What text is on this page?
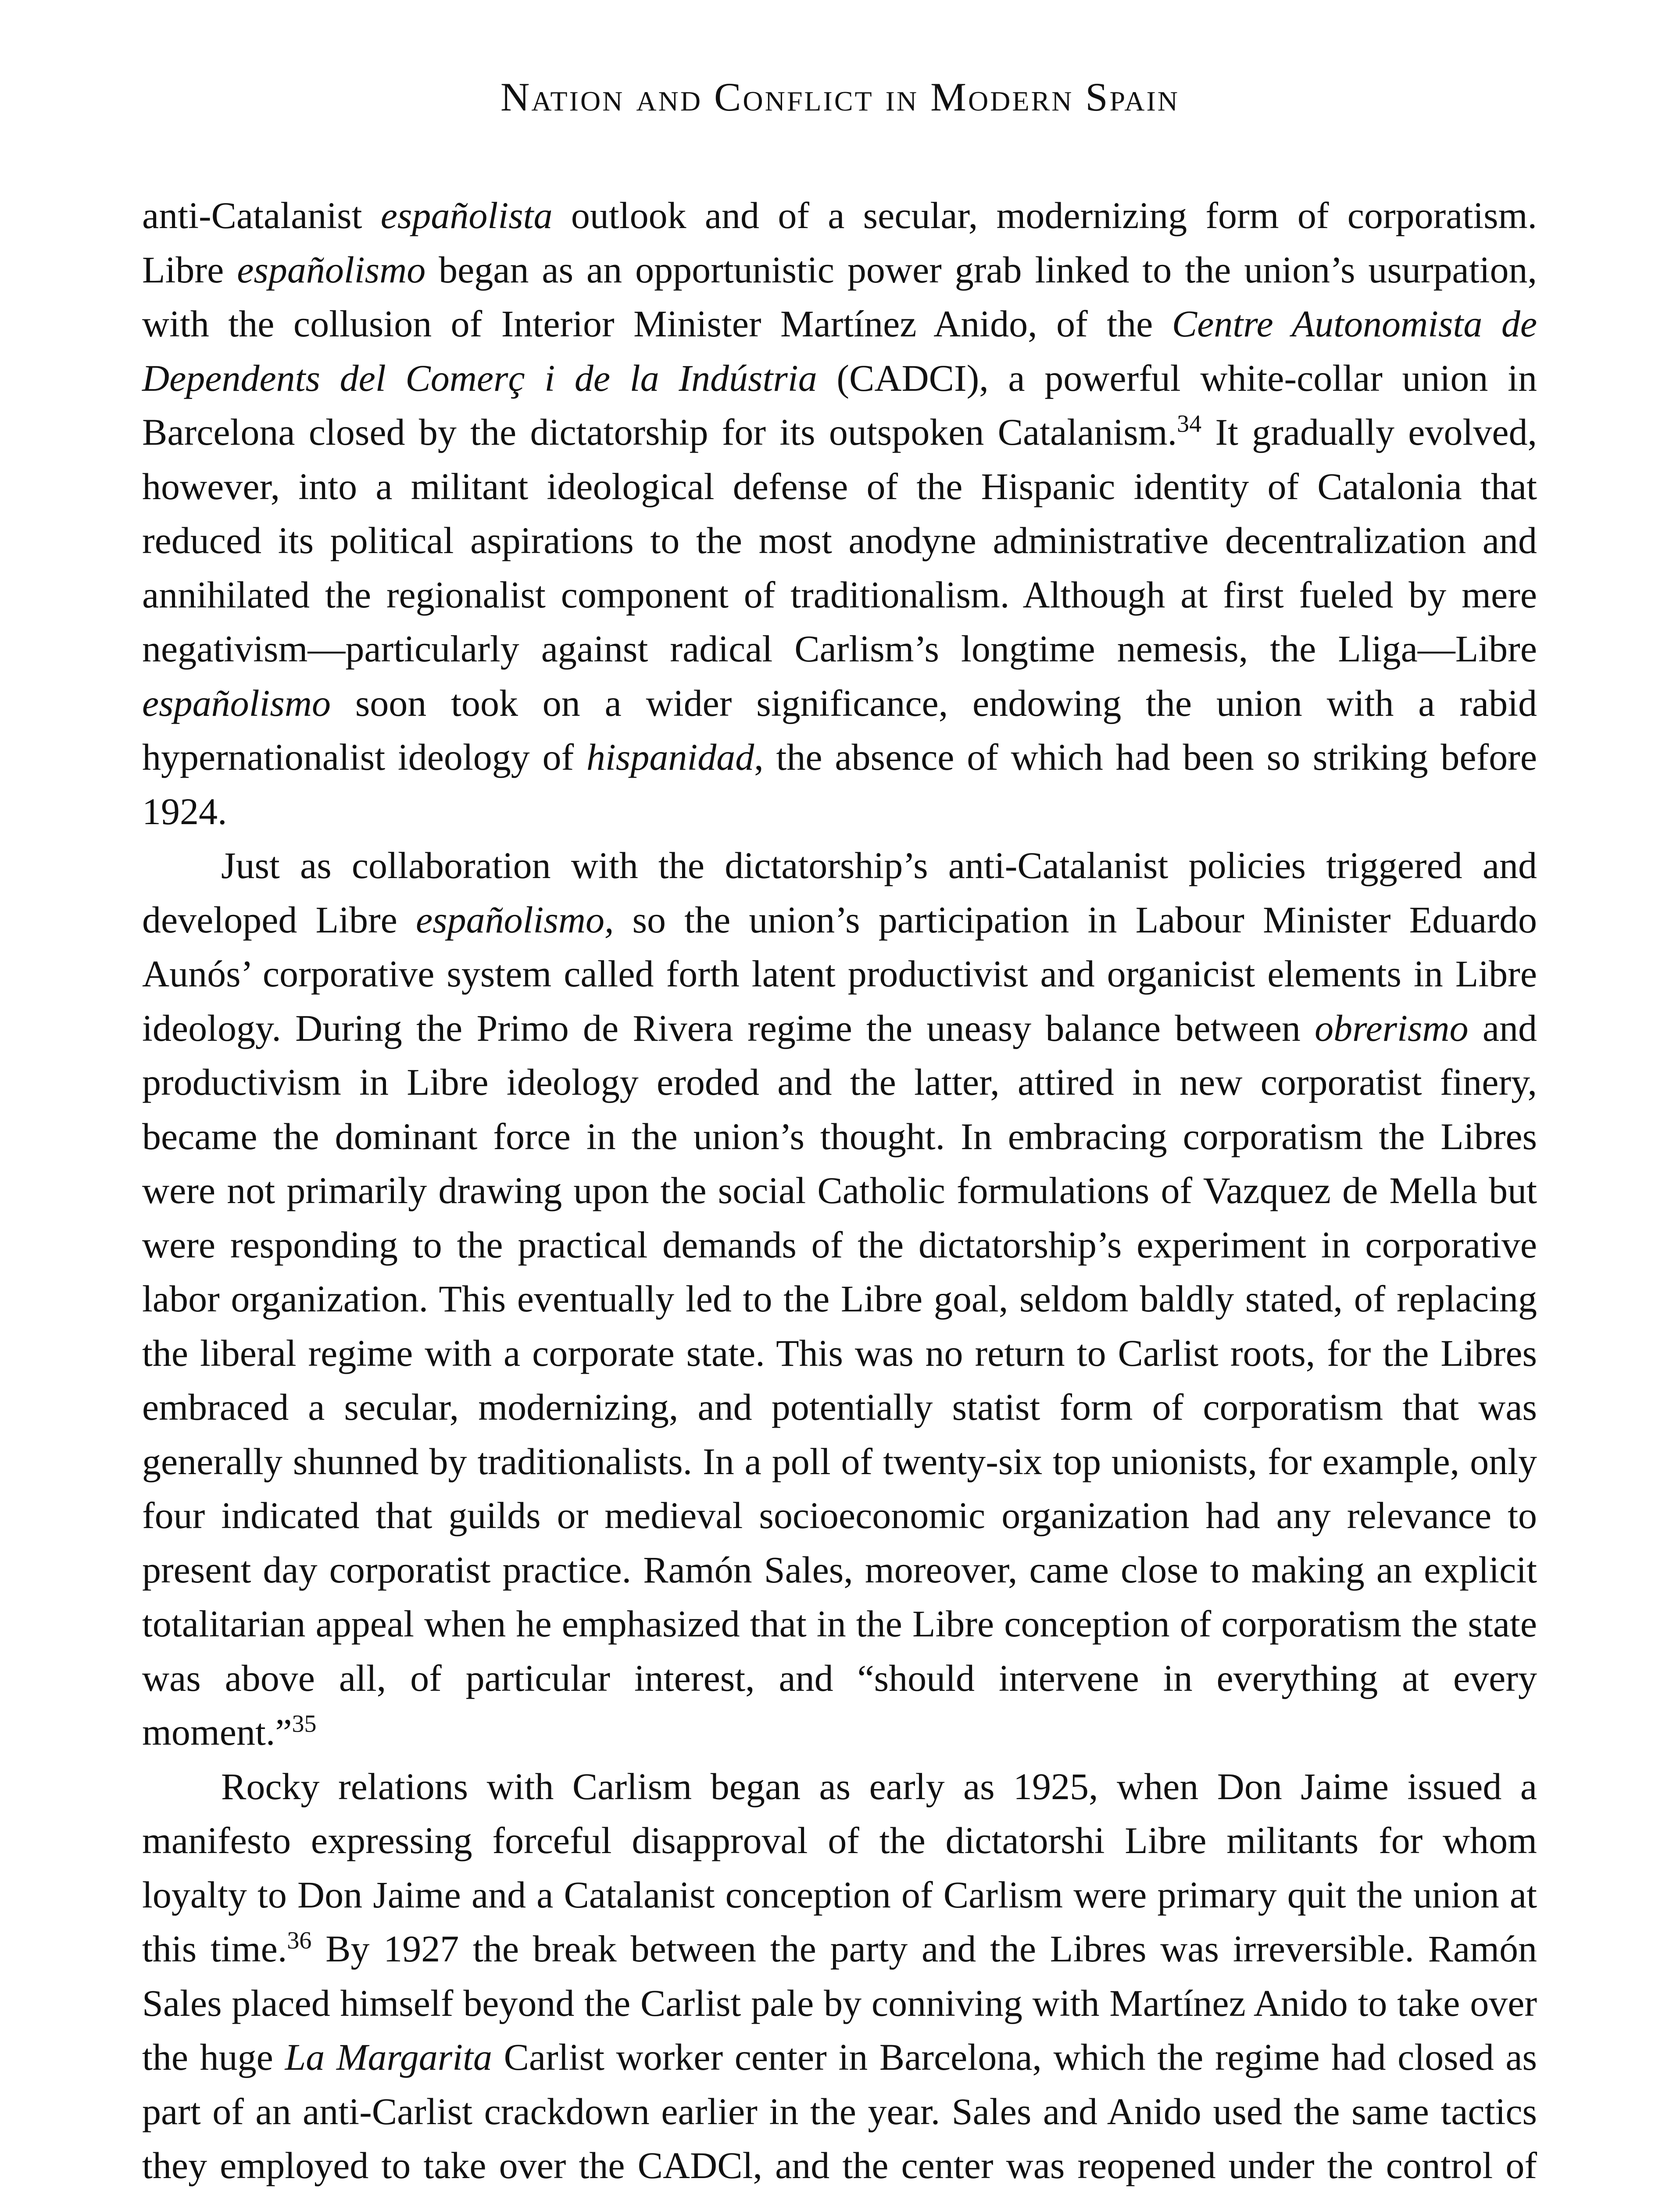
Nation and Conflict in Modern Spain

anti-Catalanist españolista outlook and of a secular, modernizing form of corporatism. Libre españolismo began as an opportunistic power grab linked to the union’s usurpation, with the collusion of Interior Minister Martínez Anido, of the Centre Autonomista de Dependents del Comerç i de la Indústria (CADCI), a powerful white-collar union in Barcelona closed by the dictatorship for its outspoken Catalanism.$^{34}$ It gradually evolved, however, into a militant ideological defense of the Hispanic identity of Catalonia that reduced its political aspirations to the most anodyne administrative decentralization and annihilated the regionalist component of traditionalism. Although at first fueled by mere negativism—particularly against radical Carlism’s longtime nemesis, the Lliga—Libre españolismo soon took on a wider significance, endowing the union with a rabid hypernationalist ideology of hispanidad, the absence of which had been so striking before 1924.

Just as collaboration with the dictatorship’s anti-Catalanist policies triggered and developed Libre españolismo, so the union’s participation in Labour Minister Eduardo Aunós’ corporative system called forth latent productivist and organicist elements in Libre ideology. During the Primo de Rivera regime the uneasy balance between obrerismo and productivism in Libre ideology eroded and the latter, attired in new corporatist finery, became the dominant force in the union’s thought. In embracing corporatism the Libres were not primarily drawing upon the social Catholic formulations of Vazquez de Mella but were responding to the practical demands of the dictatorship’s experiment in corporative labor organization. This eventually led to the Libre goal, seldom baldly stated, of replacing the liberal regime with a corporate state. This was no return to Carlist roots, for the Libres embraced a secular, modernizing, and potentially statist form of corporatism that was generally shunned by traditionalists. In a poll of twenty-six top unionists, for example, only four indicated that guilds or medieval socioeconomic organization had any relevance to present day corporatist practice. Ramón Sales, moreover, came close to making an explicit totalitarian appeal when he emphasized that in the Libre conception of corporatism the state was above all, of particular interest, and “should intervene in everything at every moment.”$^{35}$

Rocky relations with Carlism began as early as 1925, when Don Jaime issued a manifesto expressing forceful disapproval of the dictatorshi Libre militants for whom loyalty to Don Jaime and a Catalanist conception of Carlism were primary quit the union at this time.$^{36}$ By 1927 the break between the party and the Libres was irreversible. Ramón Sales placed himself beyond the Carlist pale by conniving with Martínez Anido to take over the huge La Margarita Carlist worker center in Barcelona, which the regime had closed as part of an anti-Carlist crackdown earlier in the year. Sales and Anido used the same tactics they employed to take over the CADCl, and the center was reopened under the control of
